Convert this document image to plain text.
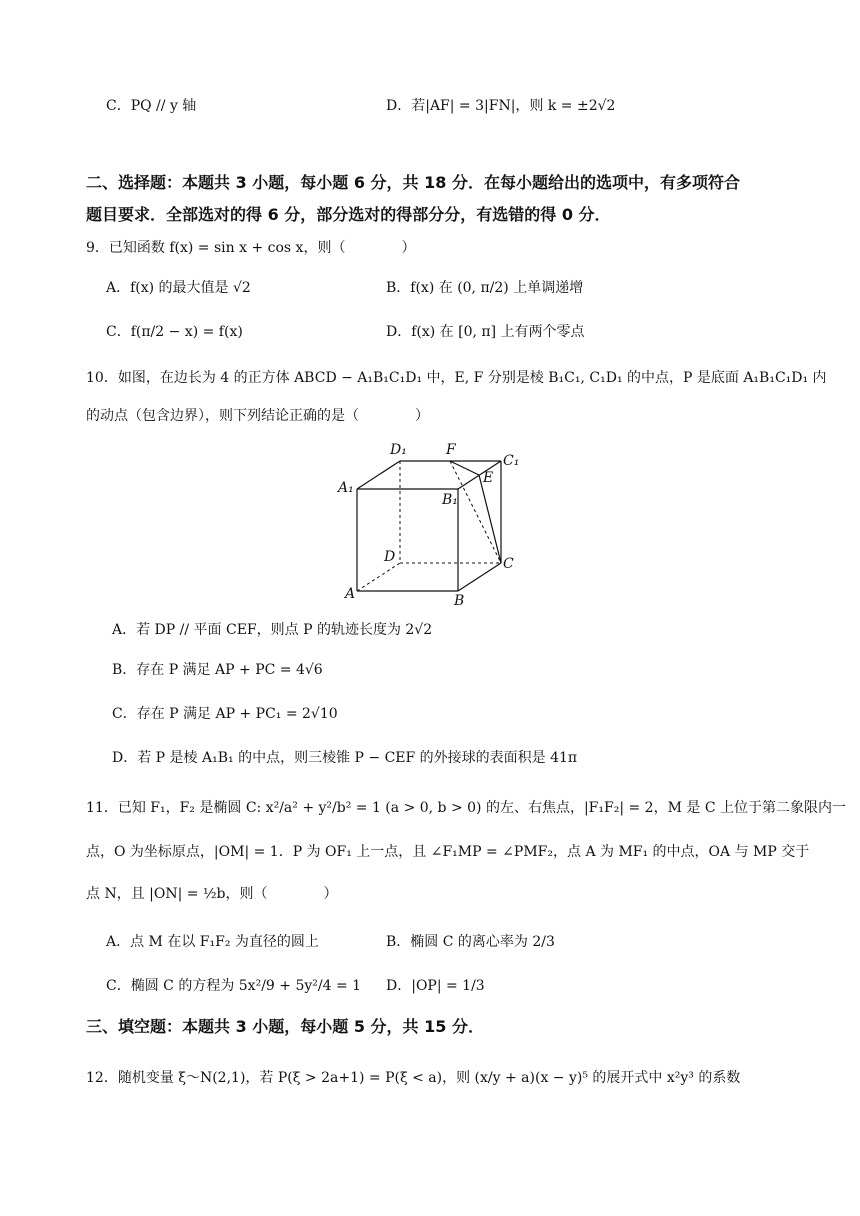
C．PQ // y 轴	D．若|AF| = 3|FN|，则 k = ±2√2
二、选择题：本题共 3 小题，每小题 6 分，共 18 分．在每小题给出的选项中，有多项符合
题目要求．全部选对的得 6 分，部分选对的得部分分，有选错的得 0 分．
9．已知函数 f(x) = sin x + cos x，则（　　　　）
A．f(x) 的最大值是 √2	B．f(x) 在 (0, π/2) 上单调递增
C．f(π/2 − x) = f(x)	D．f(x) 在 [0, π] 上有两个零点
10．如图，在边长为 4 的正方体 ABCD − A₁B₁C₁D₁ 中，E, F 分别是棱 B₁C₁, C₁D₁ 的中点，P 是底面 A₁B₁C₁D₁ 内
的动点（包含边界），则下列结论正确的是（　　　　）
D₁	F
C₁
A₁
B₁
E
D	C
A	B
A．若 DP // 平面 CEF，则点 P 的轨迹长度为 2√2
B．存在 P 满足 AP + PC = 4√6
C．存在 P 满足 AP + PC₁ = 2√10
D．若 P 是棱 A₁B₁ 的中点，则三棱锥 P − CEF 的外接球的表面积是 41π
11．已知 F₁，F₂ 是椭圆 C: x²/a² + y²/b² = 1 (a > 0, b > 0) 的左、右焦点，|F₁F₂| = 2，M 是 C 上位于第二象限内一
点，O 为坐标原点，|OM| = 1．P 为 OF₁ 上一点，且 ∠F₁MP = ∠PMF₂，点 A 为 MF₁ 的中点，OA 与 MP 交于
点 N，且 |ON| = ½b，则（　　　　）
A．点 M 在以 F₁F₂ 为直径的圆上	B．椭圆 C 的离心率为 2/3
C．椭圆 C 的方程为 5x²/9 + 5y²/4 = 1 D．|OP| = 1/3
三、填空题：本题共 3 小题，每小题 5 分，共 15 分．
12．随机变量 ξ～N(2,1)，若 P(ξ > 2a+1) = P(ξ < a)，则 (x/y + a)(x − y)⁵ 的展开式中 x²y³ 的系数
